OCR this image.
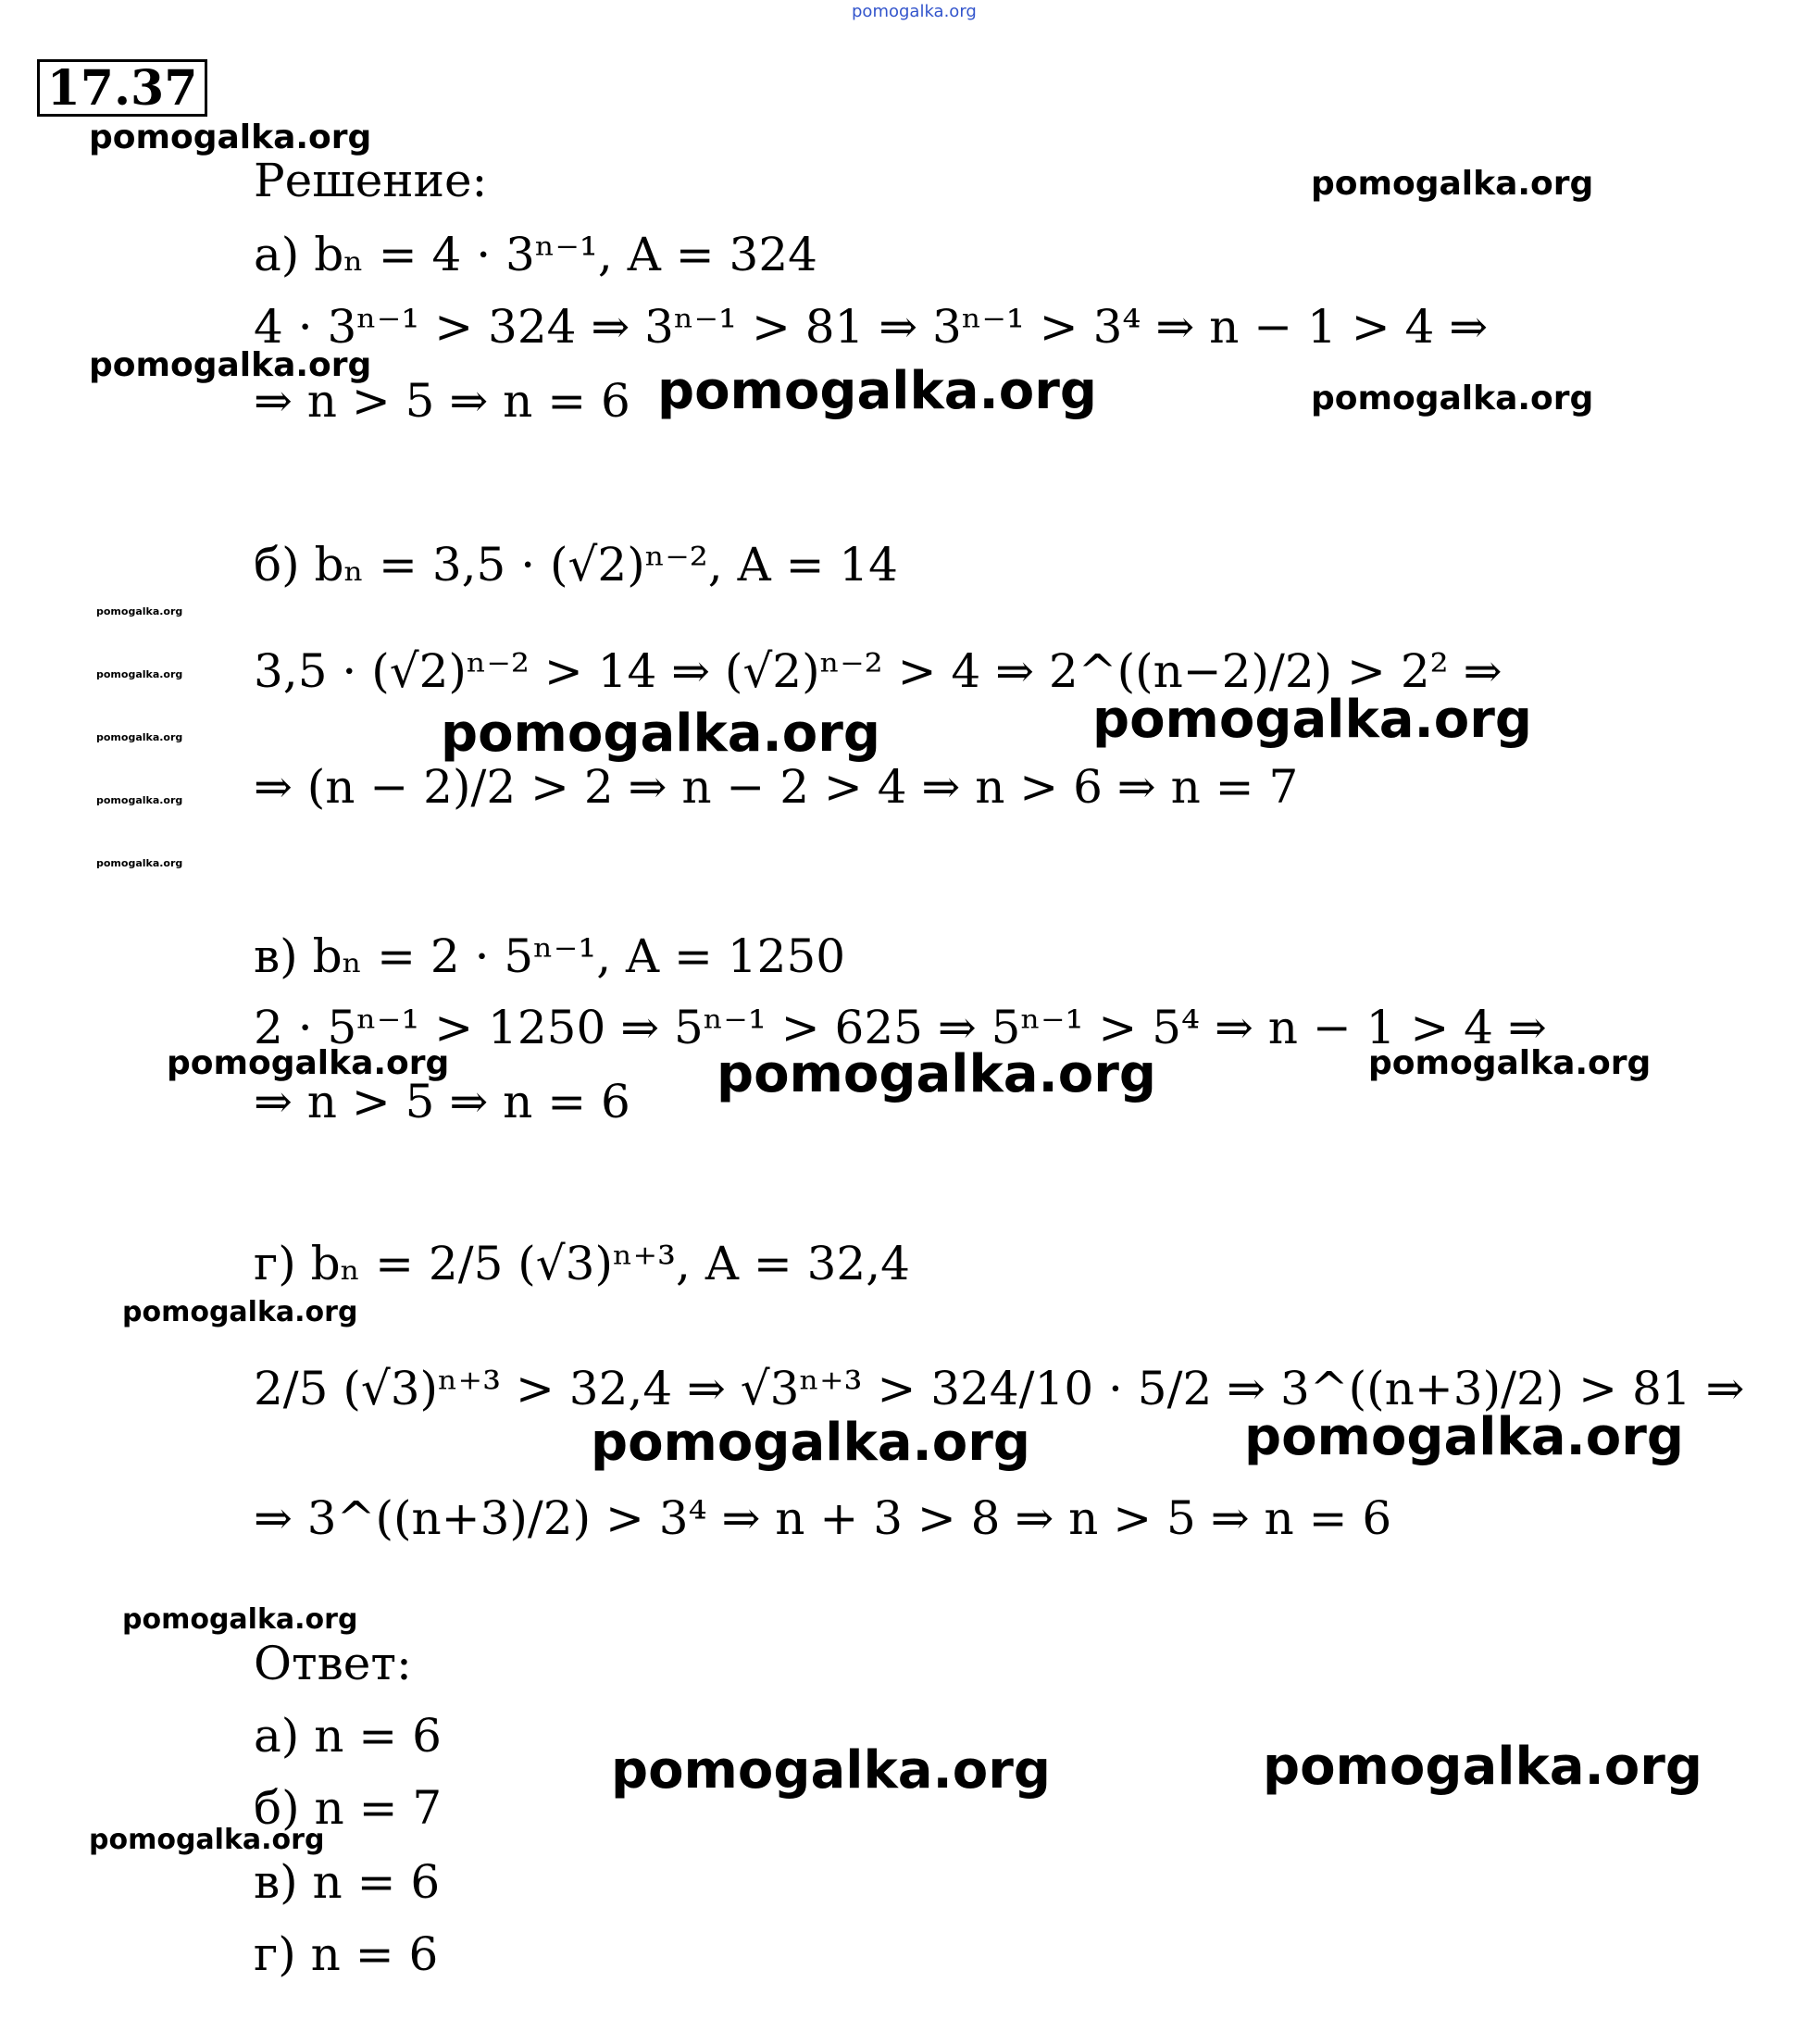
pomogalka.org
17.37
pomogalka.org
pomogalka.org
pomogalka.org	pomogalka.org	pomogalka.org
pomogalka.org
pomogalka.org
pomogalka.org
pomogalka.org
pomogalka.org
pomogalka.org	pomogalka.org
pomogalka.org	pomogalka.org	pomogalka.org
pomogalka.org
pomogalka.org	pomogalka.org
pomogalka.org
pomogalka.org	pomogalka.org
pomogalka.org
Решение:
а) bₙ = 4 · 3ⁿ⁻¹, A = 324
4 · 3ⁿ⁻¹ > 324 ⇒ 3ⁿ⁻¹ > 81 ⇒ 3ⁿ⁻¹ > 3⁴ ⇒ n − 1 > 4 ⇒
⇒ n > 5 ⇒ n = 6
б) bₙ = 3,5 · (√2)ⁿ⁻², A = 14
3,5 · (√2)ⁿ⁻² > 14 ⇒ (√2)ⁿ⁻² > 4 ⇒ 2^((n−2)/2) > 2² ⇒
⇒ (n − 2)/2 > 2 ⇒ n − 2 > 4 ⇒ n > 6 ⇒ n = 7
в) bₙ = 2 · 5ⁿ⁻¹, A = 1250
2 · 5ⁿ⁻¹ > 1250 ⇒ 5ⁿ⁻¹ > 625 ⇒ 5ⁿ⁻¹ > 5⁴ ⇒ n − 1 > 4 ⇒
⇒ n > 5 ⇒ n = 6
г) bₙ = 2/5 (√3)ⁿ⁺³, A = 32,4
2/5 (√3)ⁿ⁺³ > 32,4 ⇒ √3ⁿ⁺³ > 324/10 · 5/2 ⇒ 3^((n+3)/2) > 81 ⇒
⇒ 3^((n+3)/2) > 3⁴ ⇒ n + 3 > 8 ⇒ n > 5 ⇒ n = 6
Ответ:
а) n = 6
б) n = 7
в) n = 6
г) n = 6
